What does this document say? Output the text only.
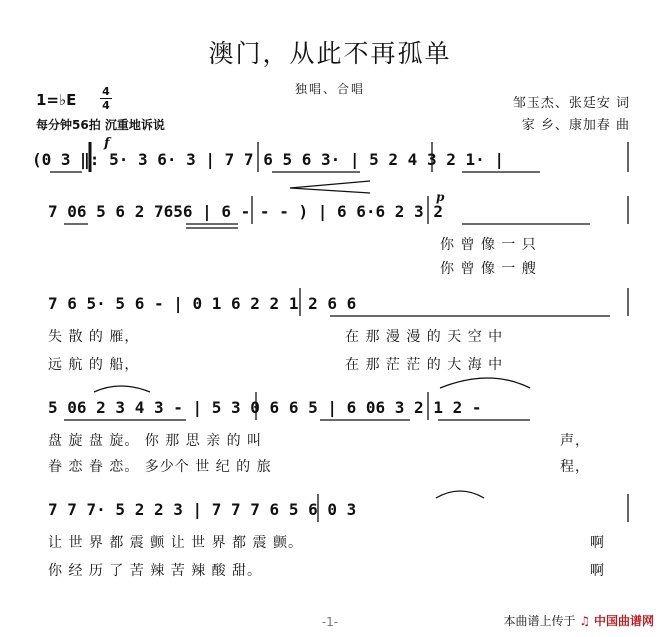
澳门，从此不再孤单
独唱、合唱
1=♭E 4
4
每分钟56拍 沉重地诉说
邹玉杰、张廷安 词
家 乡、康加春 曲
f
p
(0 3 ‖: 5· 3 6· 3 | 7 7 6 5 6 3· | 5 2 4 3 2 1· |
7 06 5 6 2 7656 | 6 - - - ) | 6 6·6 2 3 2
你 曾 像 一 只
你 曾 像 一 艘
7 6 5· 5 6 - | 0 1 6 2 2 1 2 6 6
失 散 的 雁，	在 那 漫 漫 的 天 空 中
远 航 的 船，	在 那 茫 茫 的 大 海 中
5 06 2 3 4 3 - | 5 3 0 6 6 5 | 6 06 3 2 1 2 -
盘 旋 盘 旋。 你 那 思 亲 的 叫	声，
眷 恋 眷 恋。 多少个 世 纪 的 旅	程，
7 7 7· 5 2 2 3 | 7 7 7 6 5 6 0 3
让 世 界 都 震 颤 让 世 界 都 震 颤。	啊
你 经 历 了 苦 辣 苦 辣 酸 甜。	啊
-1-	本曲谱上传于 ♫ 中国曲谱网
